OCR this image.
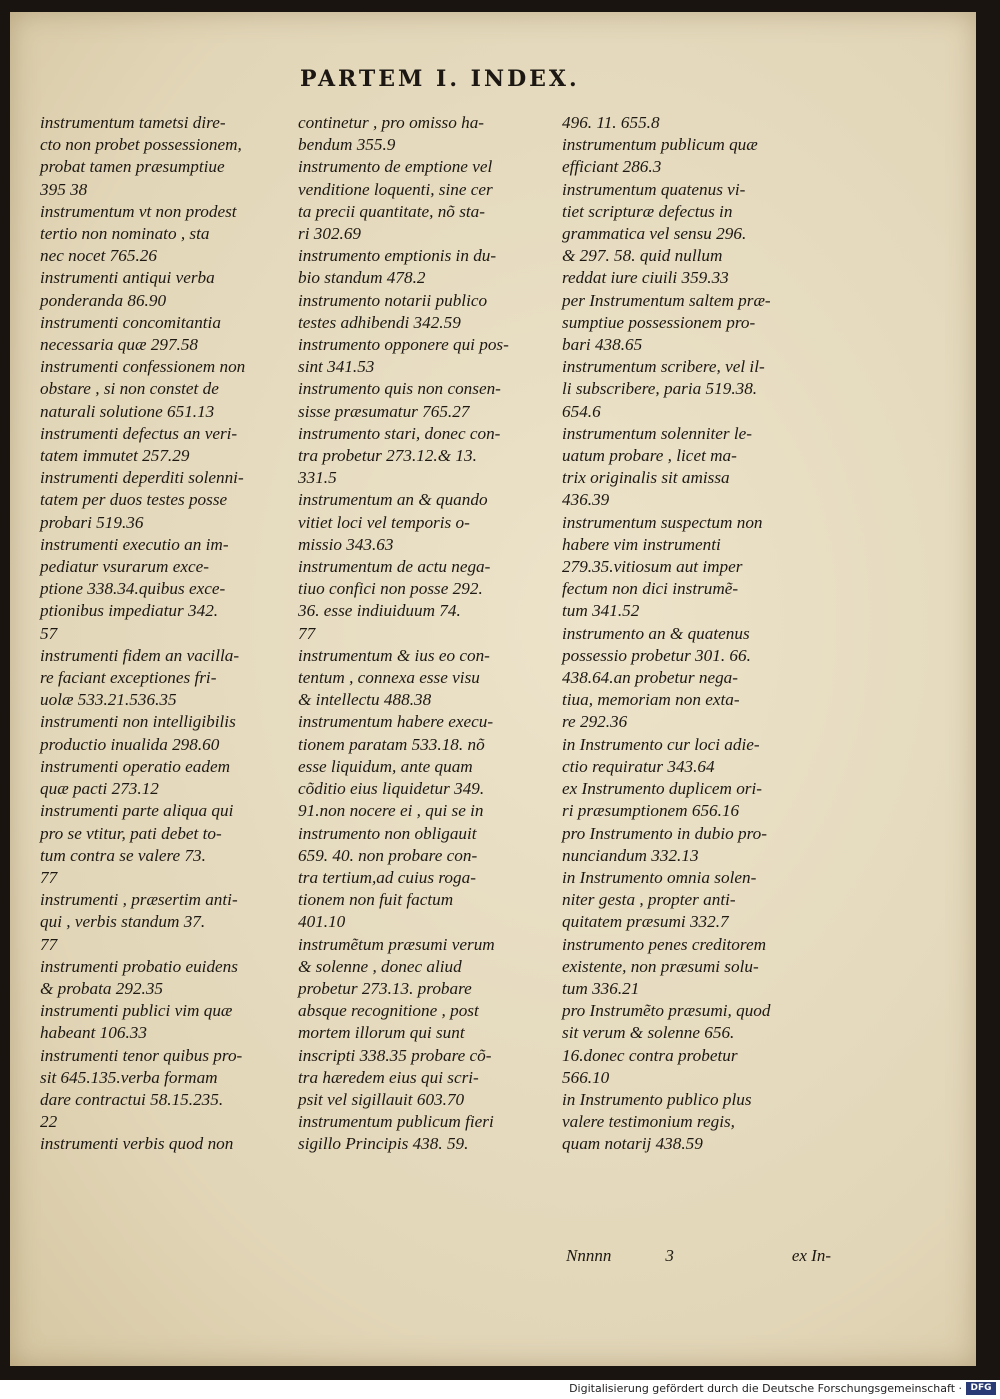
PARTEM I. INDEX.
instrumentum tametsi dire-
cto non probet possessionem,
probat tamen præsumptiue
395 38
instrumentum vt non prodest
tertio non nominato , sta
nec nocet 765.26
instrumenti antiqui verba
ponderanda 86.90
instrumenti concomitantia
necessaria quæ 297.58
instrumenti confessionem non
obstare , si non constet de
naturali solutione 651.13
instrumenti defectus an veri-
tatem immutet 257.29
instrumenti deperditi solenni-
tatem per duos testes posse
probari 519.36
instrumenti executio an im-
pediatur vsurarum exce-
ptione 338.34.quibus exce-
ptionibus impediatur 342.
57
instrumenti fidem an vacilla-
re faciant exceptiones fri-
uolæ 533.21.536.35
instrumenti non intelligibilis
productio inualida 298.60
instrumenti operatio eadem
quæ pacti 273.12
instrumenti parte aliqua qui
pro se vtitur, pati debet to-
tum contra se valere 73.
77
instrumenti , præsertim anti-
qui , verbis standum 37.
77
instrumenti probatio euidens
& probata 292.35
instrumenti publici vim quæ
habeant 106.33
instrumenti tenor quibus pro-
sit 645.135.verba formam
dare contractui 58.15.235.
22
instrumenti verbis quod non
continetur , pro omisso ha-
bendum 355.9
instrumento de emptione vel
venditione loquenti, sine cer
ta precii quantitate, nõ sta-
ri 302.69
instrumento emptionis in du-
bio standum 478.2
instrumento notarii publico
testes adhibendi 342.59
instrumento opponere qui pos-
sint 341.53
instrumento quis non consen-
sisse præsumatur 765.27
instrumento stari, donec con-
tra probetur 273.12.& 13.
331.5
instrumentum an & quando
vitiet loci vel temporis o-
missio 343.63
instrumentum de actu nega-
tiuo confici non posse 292.
36. esse indiuiduum 74.
77
instrumentum & ius eo con-
tentum , connexa esse visu
& intellectu 488.38
instrumentum habere execu-
tionem paratam 533.18. nõ
esse liquidum, ante quam
cõditio eius liquidetur 349.
91.non nocere ei , qui se in
instrumento non obligauit
659. 40. non probare con-
tra tertium,ad cuius roga-
tionem non fuit factum
401.10
instrumẽtum præsumi verum
& solenne , donec aliud
probetur 273.13. probare
absque recognitione , post
mortem illorum qui sunt
inscripti 338.35 probare cõ-
tra hæredem eius qui scri-
psit vel sigillauit 603.70
instrumentum publicum fieri
sigillo Principis 438. 59.
496. 11. 655.8
instrumentum publicum quæ
efficiant 286.3
instrumentum quatenus vi-
tiet scripturæ defectus in
grammatica vel sensu 296.
& 297. 58. quid nullum
reddat iure ciuili 359.33
per Instrumentum saltem præ-
sumptiue possessionem pro-
bari 438.65
instrumentum scribere, vel il-
li subscribere, paria 519.38.
654.6
instrumentum solenniter le-
uatum probare , licet ma-
trix originalis sit amissa
436.39
instrumentum suspectum non
habere vim instrumenti
279.35.vitiosum aut imper
fectum non dici instrumẽ-
tum 341.52
instrumento an & quatenus
possessio probetur 301. 66.
438.64.an probetur nega-
tiua, memoriam non exta-
re 292.36
in Instrumento cur loci adie-
ctio requiratur 343.64
ex Instrumento duplicem ori-
ri præsumptionem 656.16
pro Instrumento in dubio pro-
nunciandum 332.13
in Instrumento omnia solen-
niter gesta , propter anti-
quitatem præsumi 332.7
instrumento penes creditorem
existente, non præsumi solu-
tum 336.21
pro Instrumẽto præsumi, quod
sit verum & solenne 656.
16.donec contra probetur
566.10
in Instrumento publico plus
valere testimonium regis,
quam notarij 438.59
Nnnnn	3	ex In-
Digitalisierung gefördert durch die Deutsche Forschungsgemeinschaft · DFG
